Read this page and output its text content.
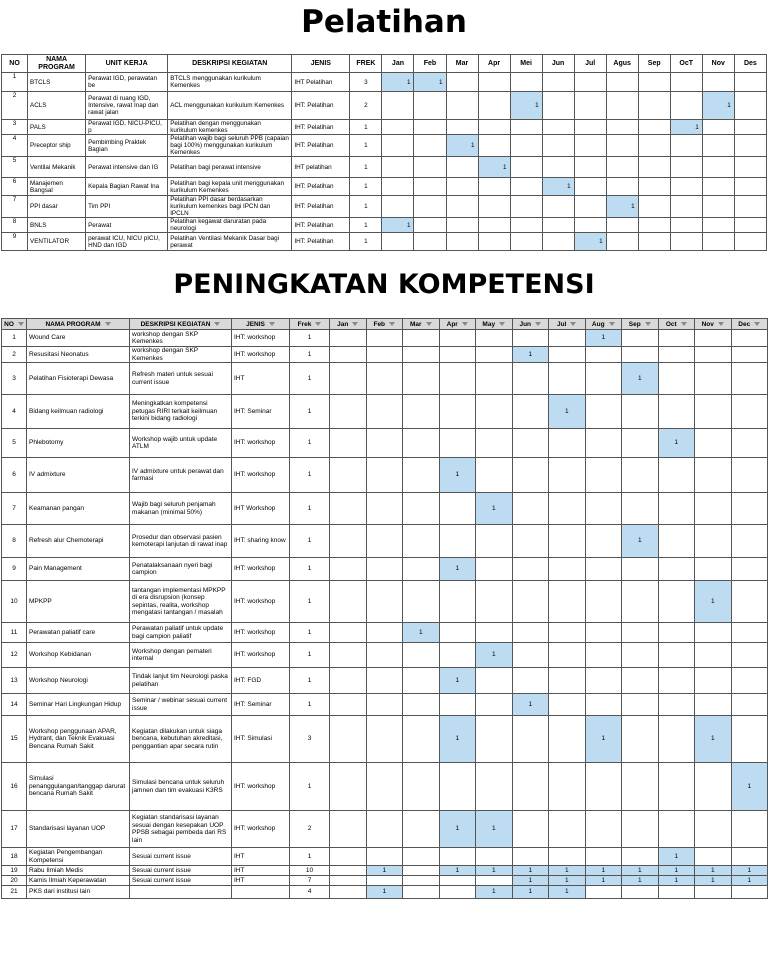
Pelatihan
NO	NAMA PROGRAM	UNIT KERJA	DESKRIPSI KEGIATAN	JENIS	FREK	Jan	Feb	Mar	Apr	Mei	Jun	Jul	Agus	Sep	OcT	Nov	Des
1	BTCLS	Perawat IGD, perawatan be	BTCLS menggunakan kurikulum Kemenkes	IHT Pelatihan	3	1	1										
2	ACLS	Perawat di ruang IGD, Intensive, rawat Inap dan rawat jalan	ACL menggunakan kurikulum Kemenkes	IHT: Pelatihan	2					1						1	
3	PALS	Perawat IGD, NICU-PICU, p	Pelatihan dengan menggunakan kurikulum kemenkes	IHT: Pelatihan	1										1		
4	Preceptor ship	Pembimbing Praktek Bagian	Pelatihan wajib bagi seluruh PPB (capaian bagi 100%) menggunakan kurikulum Kemenkes	IHT: Pelatihan	1			1									
5	Ventilai Mekanik	Perawat intensive dan IG	Pelatihan bagi perawat intensive	IHT pelatihan	1				1								
6	Manajemen Bangsal	Kepala Bagian Rawat Ina	Pelatihan bagi kepala unit menggunakan kurikulum Kemenkes	IHT: Pelatihan	1						1						
7	PPI dasar	Tim PPI	Pelatihan PPI dasar berdasarkan kurikulum kemenkes bagi IPCN dan IPCLN	IHT: Pelatihan	1								1				
8	BNLS	Perawat	Pelatihan kegawat daruratan pada neurologi	IHT: Pelatihan	1	1											
9	VENTILATOR	perawat ICU, NICU pICU, HND dan IGD	Pelatihan Ventilasi Mekanik Dasar bagi perawat	IHT: Pelatihan	1							1					
PENINGKATAN KOMPETENSI
NO	NAMA PROGRAM	DESKRIPSI KEGIATAN	JENIS	Frek	Jan	Feb	Mar	Apr	May	Jun	Jul	Aug	Sep	Oct	Nov	Dec
1	Wound Care	workshop dengan SKP Kemenkes	IHT: workshop	1								1				
2	Resusitasi Neonatus	workshop dengan SKP Kemenkes	IHT: workshop	1						1						
3	Pelatihan Fisioterapi Dewasa	Refresh materi untuk sesuai current issue	IHT	1									1			
4	Bidang keilmuan radiologi	Meningkatkan kompetensi petugas RIRI terkait keilmuan terkini bidang radiologi	IHT: Seminar	1							1					
5	Phlebotomy	Workshop wajib untuk update ATLM	IHT: workshop	1										1		
6	IV admixture	IV admixture untuk perawat dan farmasi	IHT: workshop	1				1								
7	Keamanan pangan	Wajib bagi seluruh penjamah makanan (minimal 50%)	IHT Workshop	1					1							
8	Refresh alur Chemoterapi	Prosedur dan observasi pasien kemoterapi lanjutan di rawat inap	IHT: sharing know	1									1			
9	Pain Management	Penatalaksanaan nyeri bagi campion	IHT: workshop	1				1								
10	MPKPP	tantangan implementasi MPKPP di era disrupsion (konsep sepintas, realita, workshop mengatasi tantangan / masalah	IHT: workshop	1											1	
11	Perawatan paliatif care	Perawatan paliatif untuk update bagi campion paliatif	IHT: workshop	1			1									
12	Workshop Kebidanan	Workshop dengan pemateri internal	IHT: workshop	1					1							
13	Workshop Neurologi	Tindak lanjut tim Neurologi paska pelatihan	IHT: FGD	1				1								
14	Seminar Hari Lingkungan Hidup	Seminar / webinar sesuai current issue	IHT: Seminar	1						1						
15	Workshop penggunaan APAR, Hydrant, dan Teknik Evakuasi Bencana Rumah Sakit	Kegiatan dilakukan untuk siaga bencana, kebutuhan akreditasi, penggantian apar secara rutin	IHT: Simulasi	3				1				1			1	
16	Simulasi penanggulangan/tanggap darurat bencana Rumah Sakit	Simulasi bencana untuk seluruh jamnen dan tim evakuasi K3RS	IHT: workshop	1												1
17	Standarisasi layanan UOP	Kegiatan standarisasi layanan sesuai dengan kesepakan UOP PPSB sebagai pembeda dari RS lain	IHT: workshop	2				1	1							
18	Kegiatan Pengembangan Kompetensi	Sesuai current issue	IHT	1										1		
19	Rabu Ilmiah Medis	Sesuai current issue	IHT	10		1		1	1	1	1	1	1	1	1	1
20	Kamis Ilmiah Keperawatan	Sesuai current issue	IHT	7						1	1	1	1	1	1	1
21	PKS dari institusi lain			4		1			1	1	1					
